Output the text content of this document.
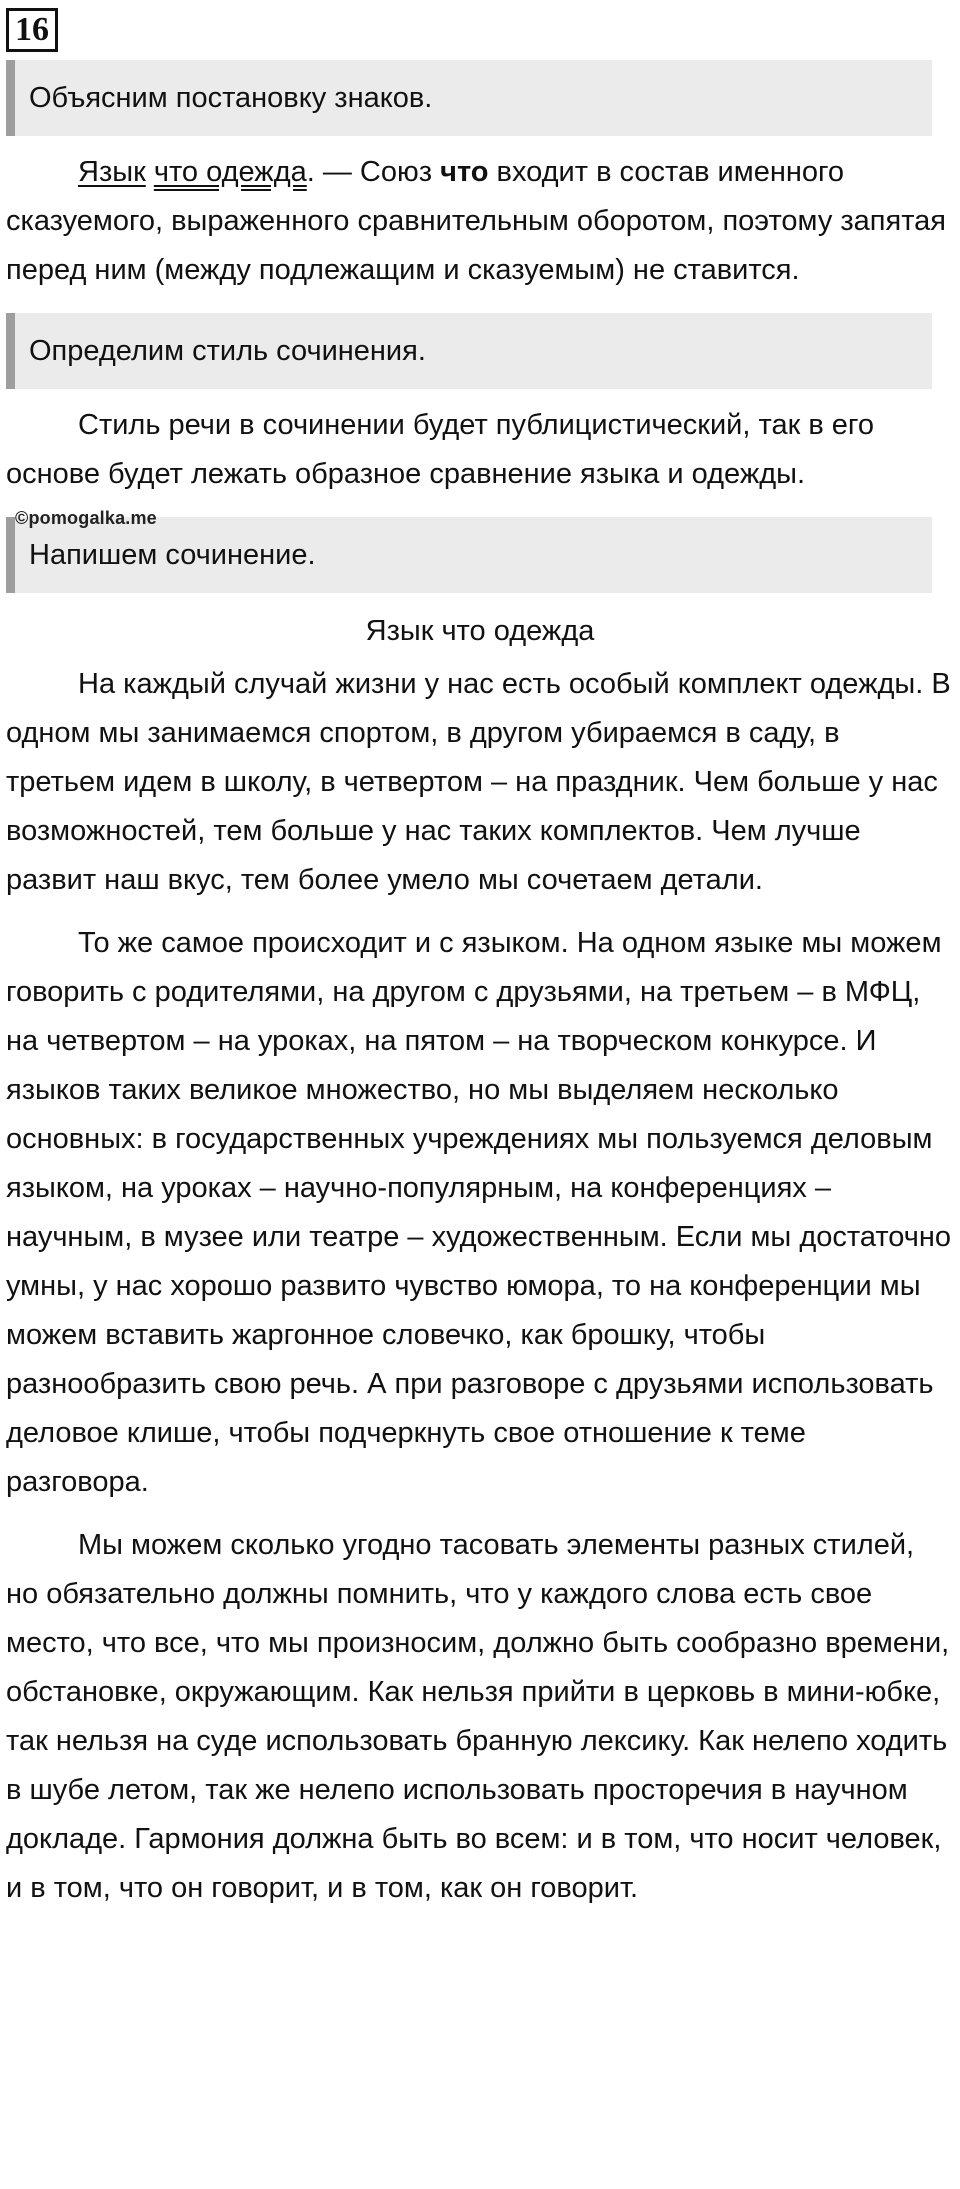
16
Объясним постановку знаков.

Язык что одежда. — Союз что входит в состав именного сказуемого, выраженного сравнительным оборотом, поэтому запятая перед ним (между подлежащим и сказуемым) не ставится.

Определим стиль сочинения.

Стиль речи в сочинении будет публицистический, так в его основе будет лежать образное сравнение языка и одежды.

Напишем сочинение.
Язык что одежда

На каждый случай жизни у нас есть особый комплект одежды. В одном мы занимаемся спортом, в другом убираемся в саду, в третьем идем в школу, в четвертом – на праздник. Чем больше у нас возможностей, тем больше у нас таких комплектов. Чем лучше развит наш вкус, тем более умело мы сочетаем детали.

То же самое происходит и с языком. На одном языке мы можем говорить с родителями, на другом с друзьями, на третьем – в МФЦ, на четвертом – на уроках, на пятом – на творческом конкурсе. И языков таких великое множество, но мы выделяем несколько основных: в государственных учреждениях мы пользуемся деловым языком, на уроках – научно-популярным, на конференциях – научным, в музее или театре – художественным. Если мы достаточно умны, у нас хорошо развито чувство юмора, то на конференции мы можем вставить жаргонное словечко, как брошку, чтобы разнообразить свою речь. А при разговоре с друзьями использовать деловое клише, чтобы подчеркнуть свое отношение к теме разговора.

Мы можем сколько угодно тасовать элементы разных стилей, но обязательно должны помнить, что у каждого слова есть свое место, что все, что мы произносим, должно быть сообразно времени, обстановке, окружающим. Как нельзя прийти в церковь в мини-юбке, так нельзя на суде использовать бранную лексику. Как нелепо ходить в шубе летом, так же нелепо использовать просторечия в научном докладе. Гармония должна быть во всем: и в том, что носит человек, и в том, что он говорит, и в том, как он говорит.

©pomogalka.me
